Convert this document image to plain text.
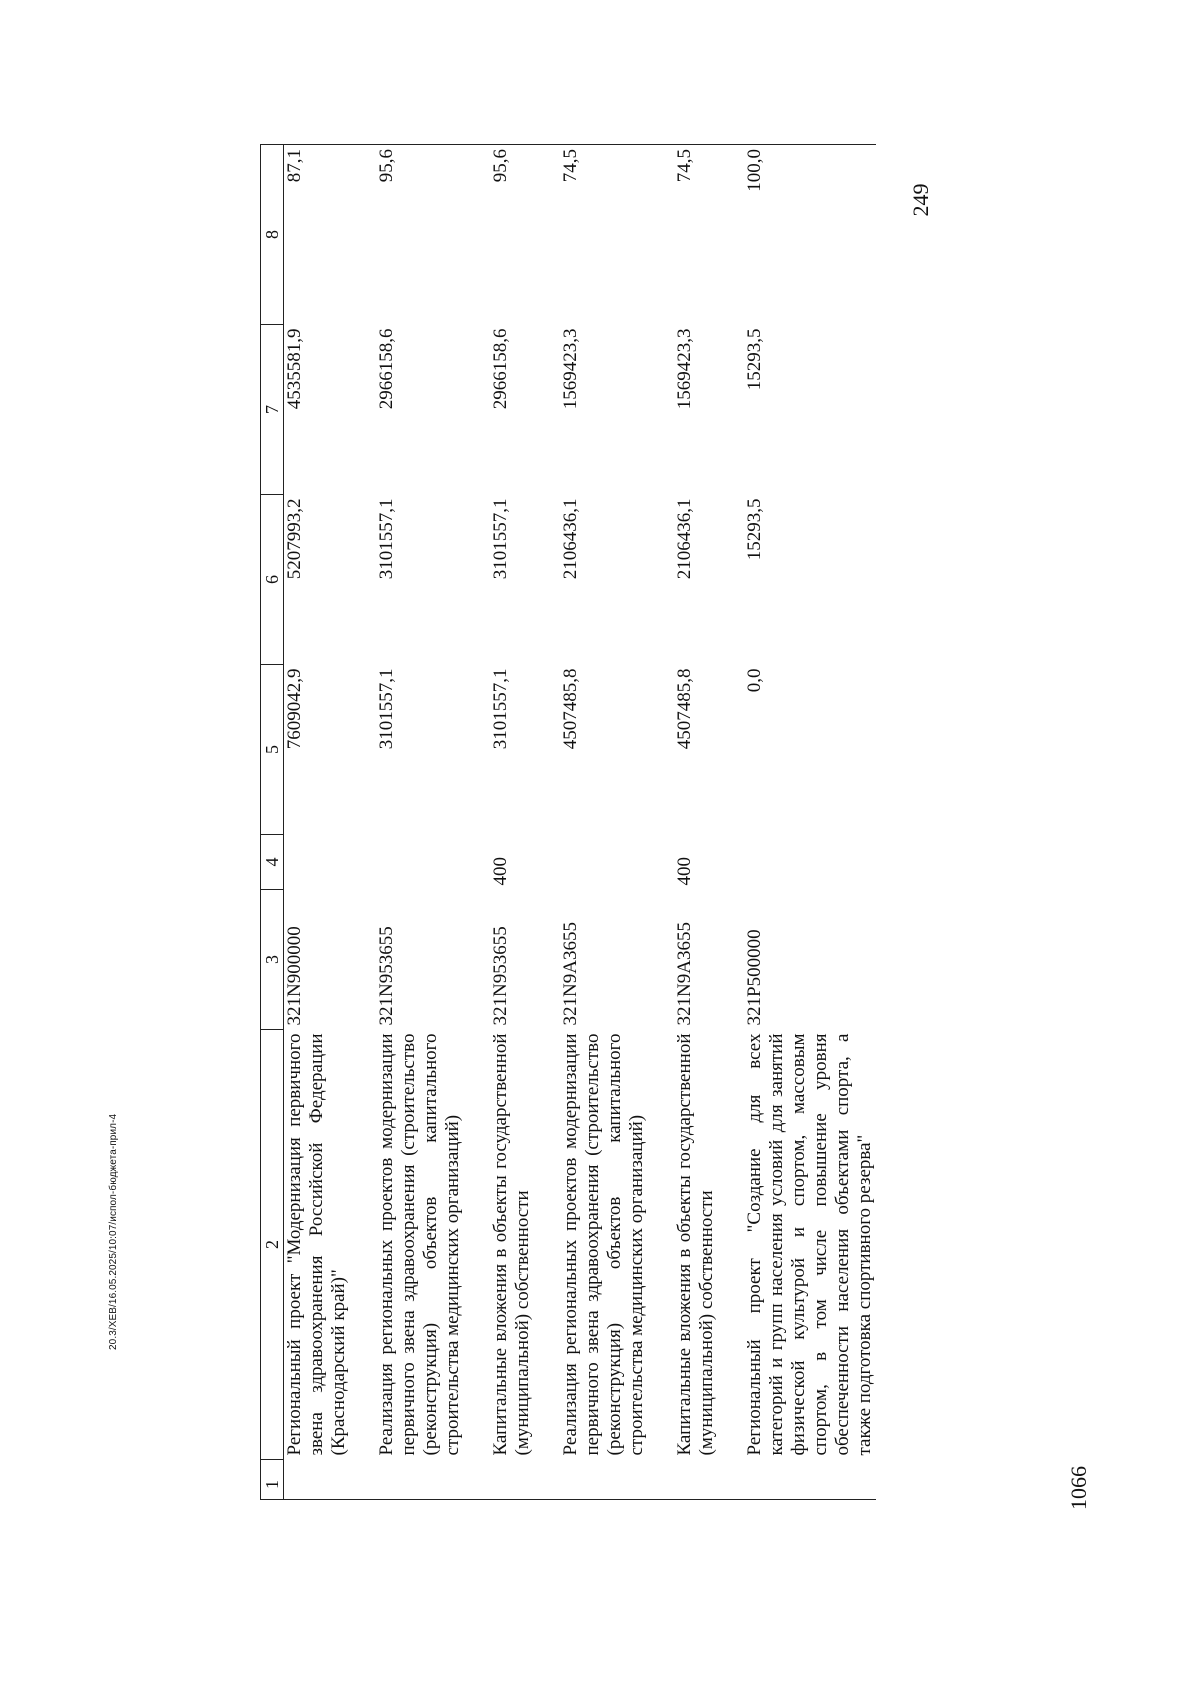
249
1066
20.3/XEB/16.05.2025/10:07/испол-бюджета-прил-4
1	2	3	4	5	6	7	8
	Региональный проект "Модернизация первичного звена здравоохранения Российской Федерации (Краснодарский край)"	321N900000		7609042,9	5207993,2	4535581,9	87,1

	Реализация региональных проектов модернизации первичного звена здравоохранения (строительство (реконструкция) объектов капитального строительства медицинских организаций)	321N953655		3101557,1	3101557,1	2966158,6	95,6

	Капитальные вложения в объекты государственной (муниципальной) собственности	321N953655	400	3101557,1	3101557,1	2966158,6	95,6

	Реализация региональных проектов модернизации первичного звена здравоохранения (строительство (реконструкция) объектов капитального строительства медицинских организаций)	321N9A3655		4507485,8	2106436,1	1569423,3	74,5

	Капитальные вложения в объекты государственной (муниципальной) собственности	321N9A3655	400	4507485,8	2106436,1	1569423,3	74,5

	Региональный проект "Создание для всех категорий и групп населения условий для занятий физической культурой и спортом, массовым спортом, в том числе повышение уровня обеспеченности населения объектами спорта, а также подготовка спортивного резерва"	321P500000		0,0	15293,5	15293,5	100,0
